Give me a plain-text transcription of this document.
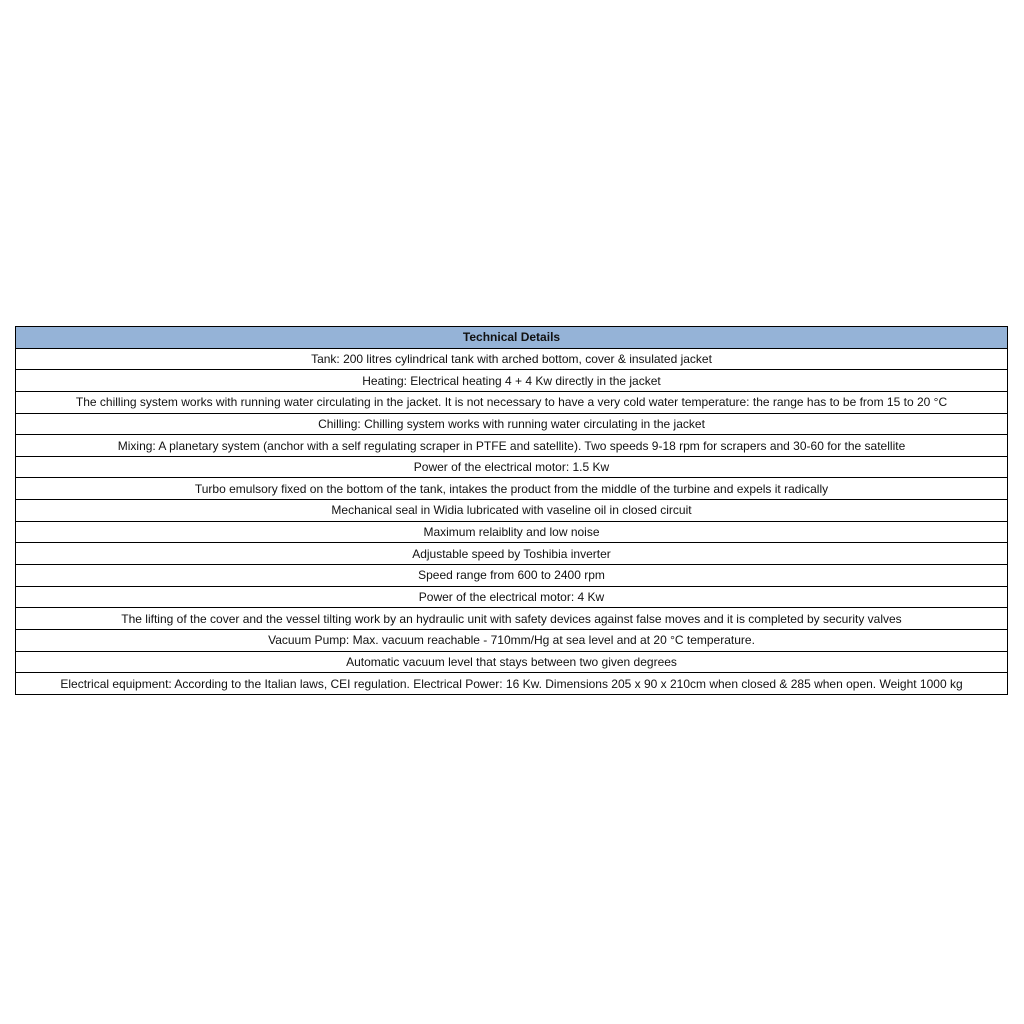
Technical Details
Tank: 200 litres cylindrical tank with arched bottom, cover & insulated jacket
Heating: Electrical heating 4 + 4 Kw directly in the jacket
The chilling system works with running water circulating in the jacket. It is not necessary to have a very cold water temperature: the range has to be from 15 to 20 °C
Chilling: Chilling system works with running water circulating in the jacket
Mixing: A planetary system (anchor with a self regulating scraper in PTFE and satellite). Two speeds 9-18 rpm for scrapers and 30-60 for the satellite
Power of the electrical motor: 1.5 Kw
Turbo emulsory fixed on the bottom of the tank, intakes the product from the middle of the turbine and expels it radically
Mechanical seal in Widia lubricated with vaseline oil in closed circuit
Maximum relaiblity and low noise
Adjustable speed by Toshibia inverter
Speed range from 600 to 2400 rpm
Power of the electrical motor: 4 Kw
The lifting of the cover and the vessel tilting work by an hydraulic unit with safety devices against false moves and it is completed by security valves
Vacuum Pump: Max. vacuum reachable - 710mm/Hg at sea level and at 20 °C temperature.
Automatic vacuum level that stays between two given degrees
Electrical equipment: According to the Italian laws, CEI regulation. Electrical Power: 16 Kw. Dimensions 205 x 90 x 210cm when closed & 285 when open. Weight 1000 kg
